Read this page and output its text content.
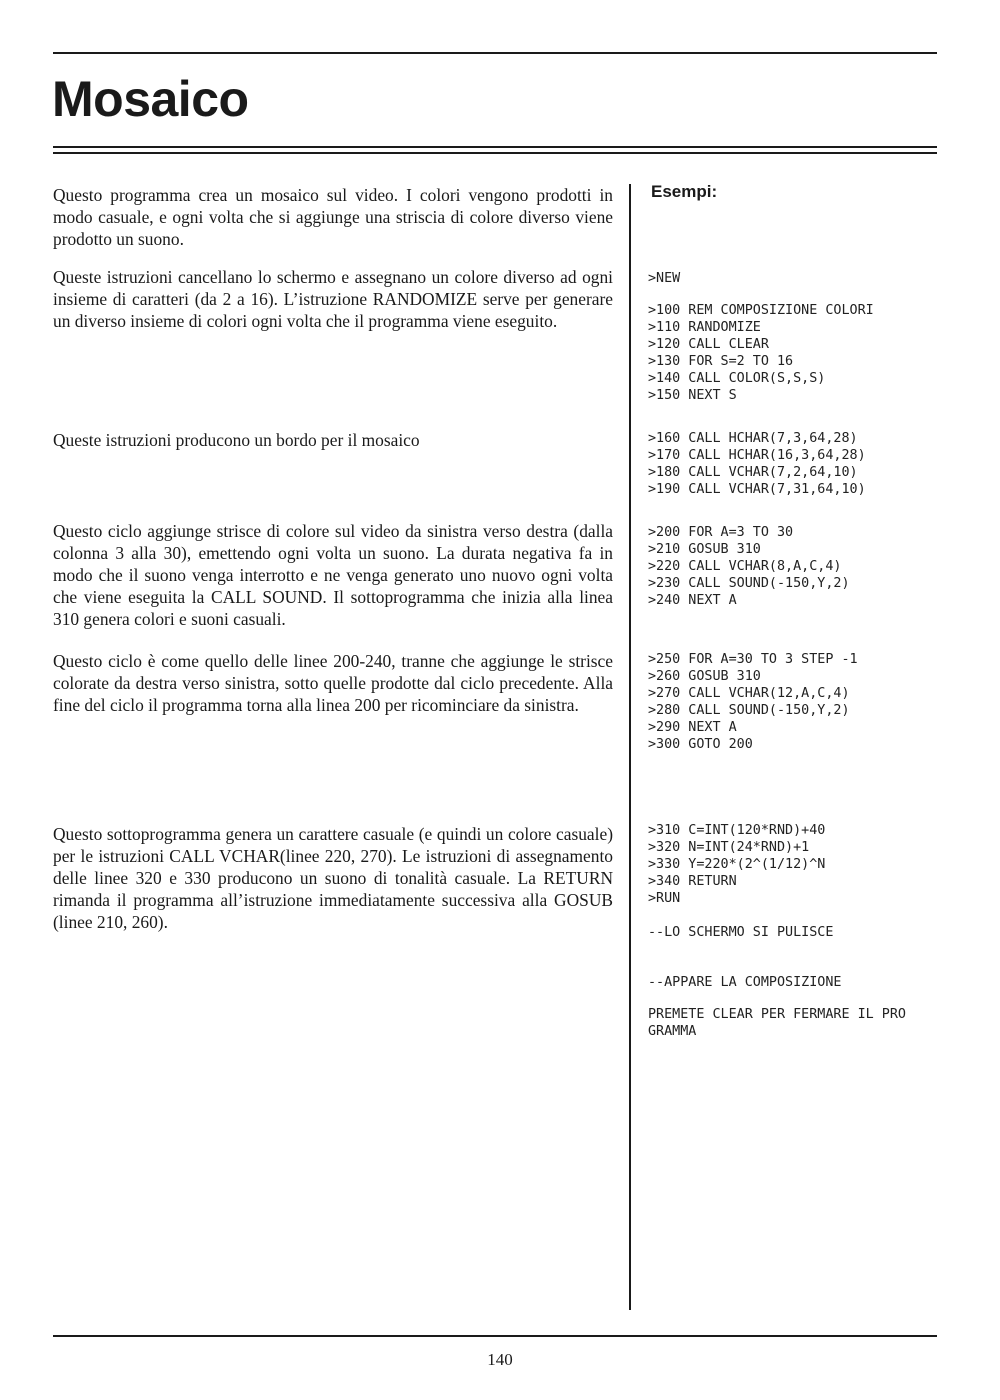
Mosaico

Questo programma crea un mosaico sul video. I colori vengono prodotti in modo casuale, e ogni volta che si aggiunge una striscia di colore diverso viene prodotto un suono.

Queste istruzioni cancellano lo schermo e assegnano un colore diverso ad ogni insieme di caratteri (da 2 a 16). L’istruzione RANDOMIZE serve per generare un diverso insieme di colori ogni volta che il programma viene eseguito.

Queste istruzioni producono un bordo per il mosaico

Questo ciclo aggiunge strisce di colore sul video da sinistra verso destra (dalla colonna 3 alla 30), emettendo ogni volta un suono. La durata negativa fa in modo che il suono venga interrotto e ne venga generato uno nuovo ogni volta che viene eseguita la CALL SOUND. Il sottoprogramma che inizia alla linea 310 genera colori e suoni casuali.

Questo ciclo è come quello delle linee 200-240, tranne che aggiunge le strisce colorate da destra verso sinistra, sotto quelle prodotte dal ciclo precedente. Alla fine del ciclo il programma torna alla linea 200 per ricominciare da sinistra.

Questo sottoprogramma genera un carattere casuale (e quindi un colore casuale) per le istruzioni CALL VCHAR(linee 220, 270). Le istruzioni di assegnamento delle linee 320 e 330 producono un suono di tonalità casuale. La RETURN rimanda il programma all’istruzione immediatamente successiva alla GOSUB (linee 210, 260).

Esempi:
>NEW
>100 REM COMPOSIZIONE COLORI
>110 RANDOMIZE
>120 CALL CLEAR
>130 FOR S=2 TO 16
>140 CALL COLOR(S,S,S)
>150 NEXT S
>160 CALL HCHAR(7,3,64,28)
>170 CALL HCHAR(16,3,64,28)
>180 CALL VCHAR(7,2,64,10)
>190 CALL VCHAR(7,31,64,10)
>200 FOR A=3 TO 30
>210 GOSUB 310
>220 CALL VCHAR(8,A,C,4)
>230 CALL SOUND(-150,Y,2)
>240 NEXT A
>250 FOR A=30 TO 3 STEP -1
>260 GOSUB 310
>270 CALL VCHAR(12,A,C,4)
>280 CALL SOUND(-150,Y,2)
>290 NEXT A
>300 GOTO 200
>310 C=INT(120*RND)+40
>320 N=INT(24*RND)+1
>330 Y=220*(2^(1/12)^N
>340 RETURN
>RUN
--LO SCHERMO SI PULISCE
--APPARE LA COMPOSIZIONE
PREMETE CLEAR PER FERMARE IL PRO
GRAMMA
140
